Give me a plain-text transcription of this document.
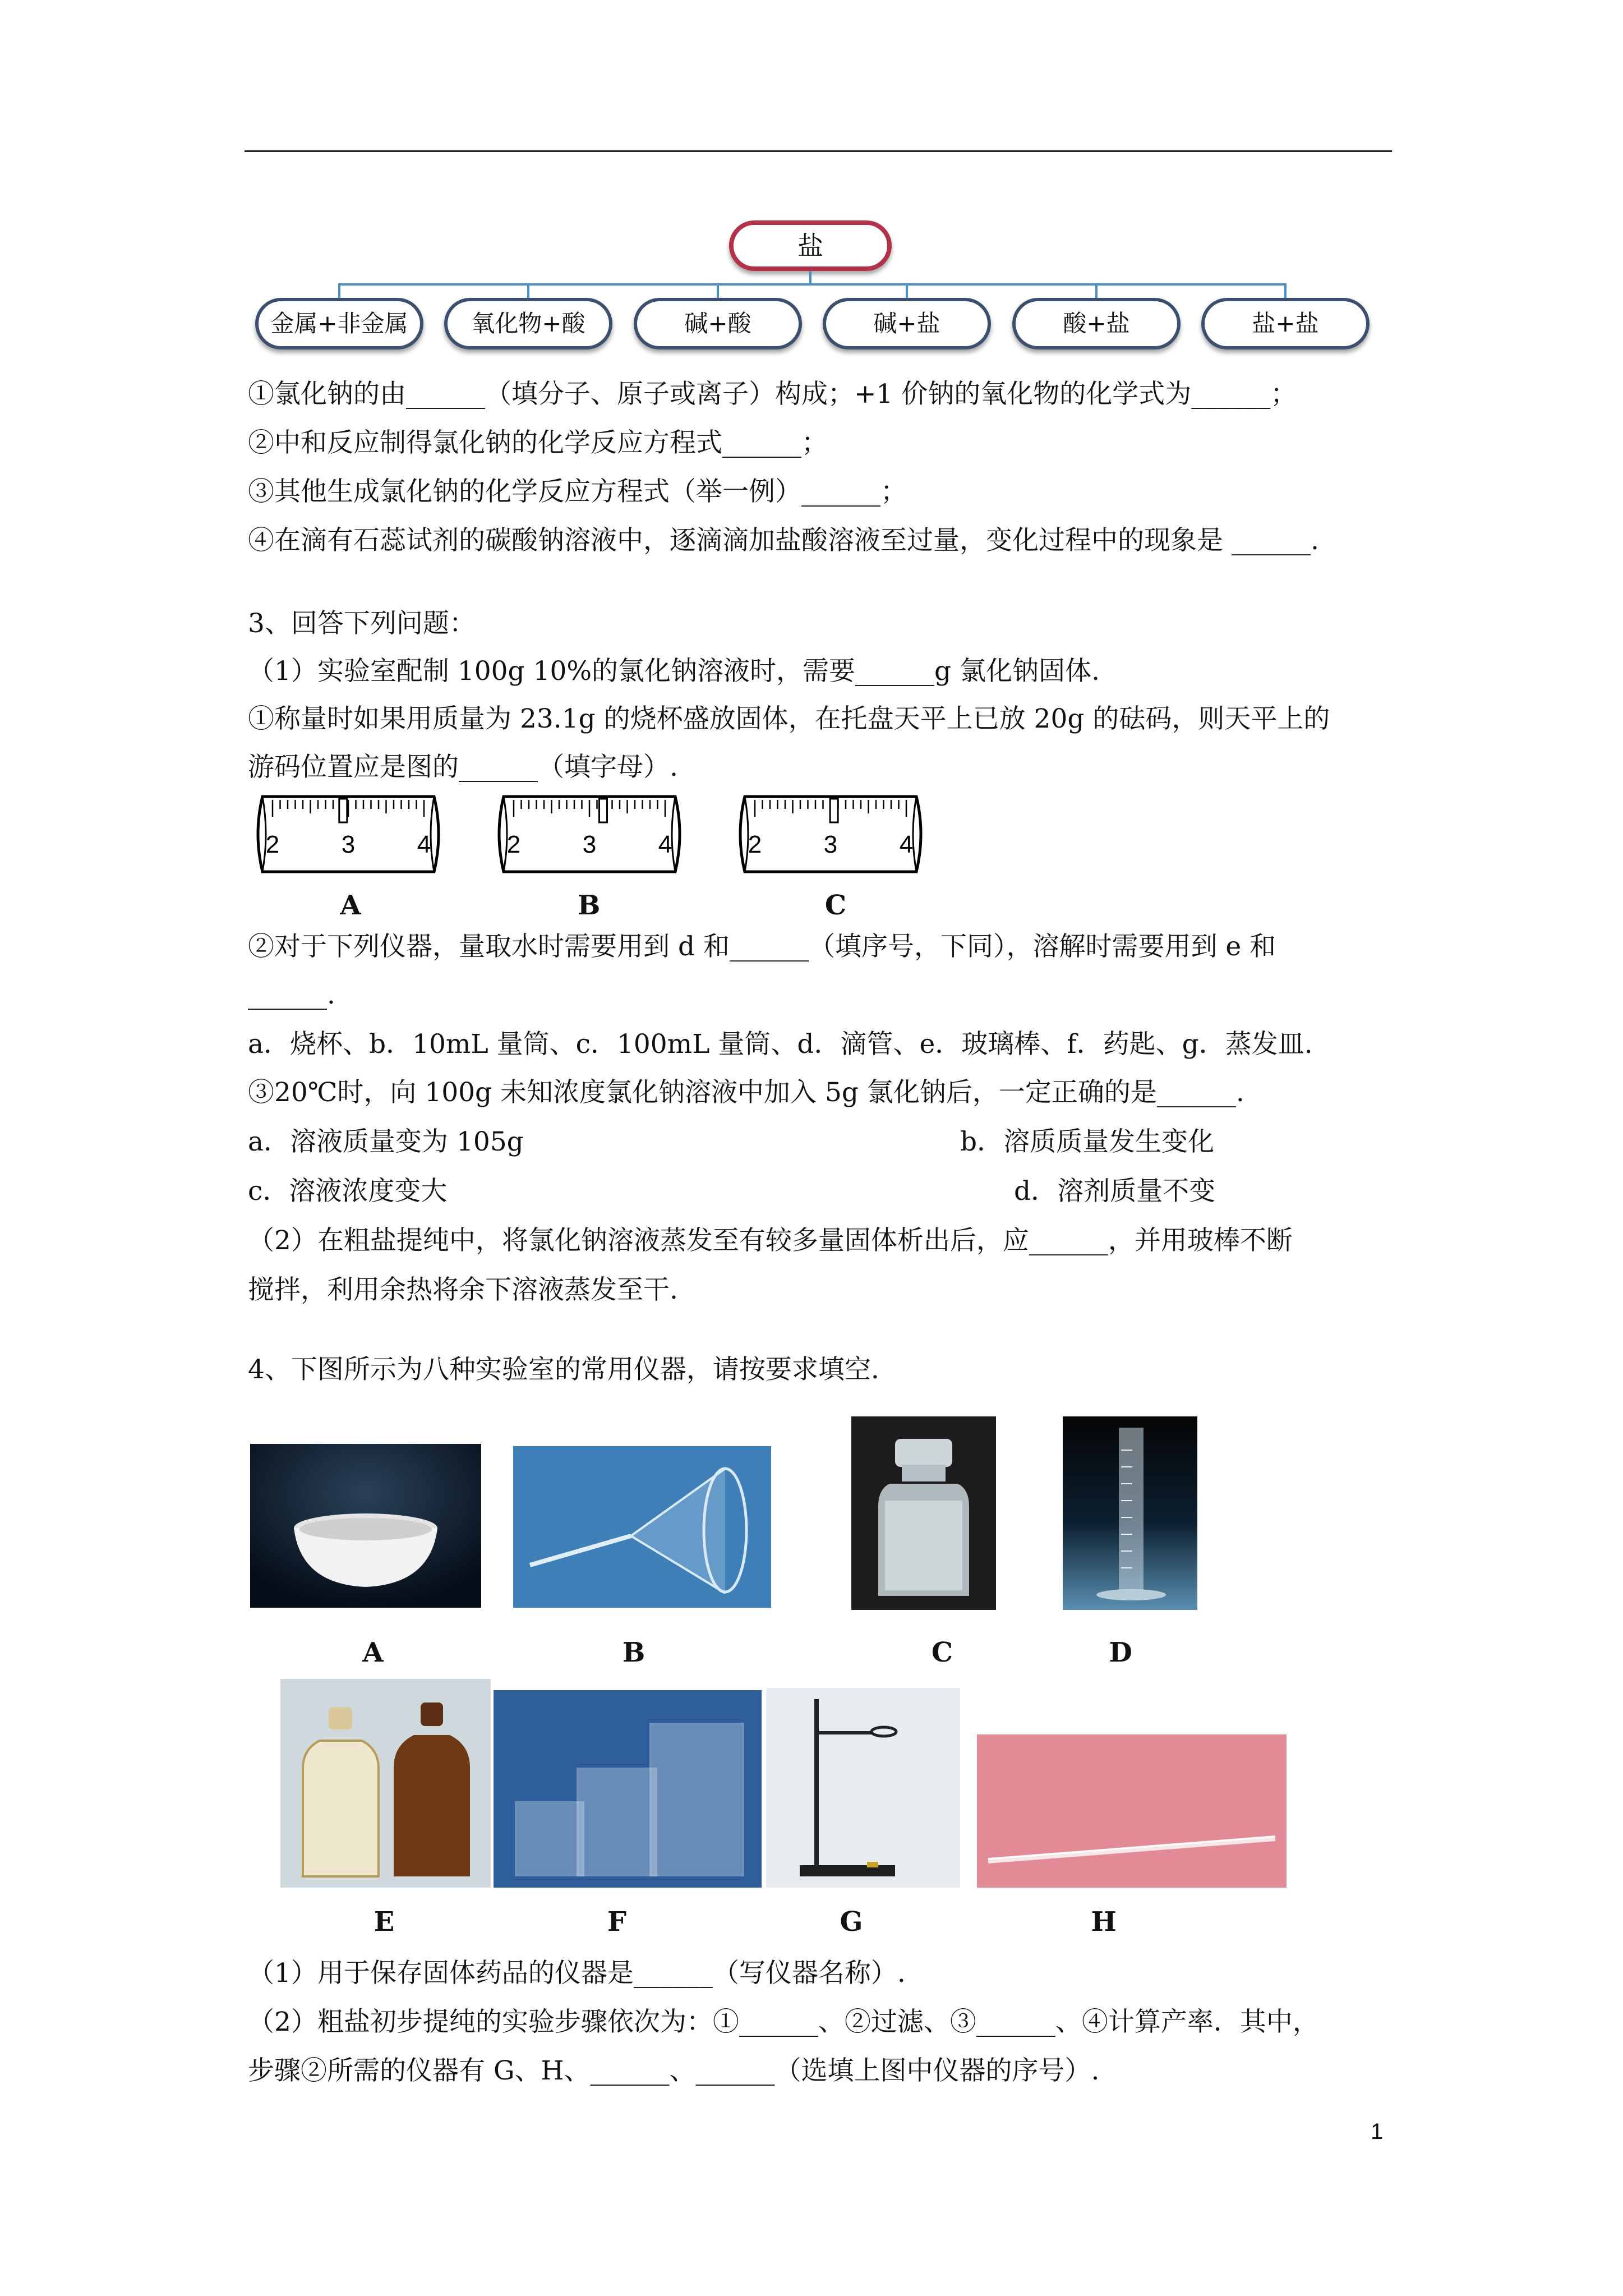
盐
金属+非金属	氧化物+酸	碱+酸	碱+盐	酸+盐	盐+盐
①氯化钠的由______（填分子、原子或离子）构成；+1 价钠的氧化物的化学式为______；
②中和反应制得氯化钠的化学反应方程式______；
③其他生成氯化钠的化学反应方程式（举一例）______；
④在滴有石蕊试剂的碳酸钠溶液中，逐滴滴加盐酸溶液至过量，变化过程中的现象是 ______.
3、回答下列问题：
（1）实验室配制 100g 10%的氯化钠溶液时，需要______g 氯化钠固体.
①称量时如果用质量为 23.1g 的烧杯盛放固体，在托盘天平上已放 20g 的砝码，则天平上的
游码位置应是图的______（填字母）.
2	3	4	2	3	4	2	3	4
A	B	C
②对于下列仪器，量取水时需要用到 d 和______（填序号，下同），溶解时需要用到 e 和
______.
a．烧杯、b．10mL 量筒、c．100mL 量筒、d．滴管、e．玻璃棒、f．药匙、g．蒸发皿.
③20℃时，向 100g 未知浓度氯化钠溶液中加入 5g 氯化钠后，一定正确的是______.
a．溶液质量变为 105g	b．溶质质量发生变化
c．溶液浓度变大	d．溶剂质量不变
（2）在粗盐提纯中，将氯化钠溶液蒸发至有较多量固体析出后，应______，并用玻棒不断
搅拌，利用余热将余下溶液蒸发至干.
4、下图所示为八种实验室的常用仪器，请按要求填空.
A	B	C	D
E	F	G	H
（1）用于保存固体药品的仪器是______（写仪器名称）.
（2）粗盐初步提纯的实验步骤依次为：①______、②过滤、③______、④计算产率．其中，
步骤②所需的仪器有 G、H、______、______（选填上图中仪器的序号）.
1
